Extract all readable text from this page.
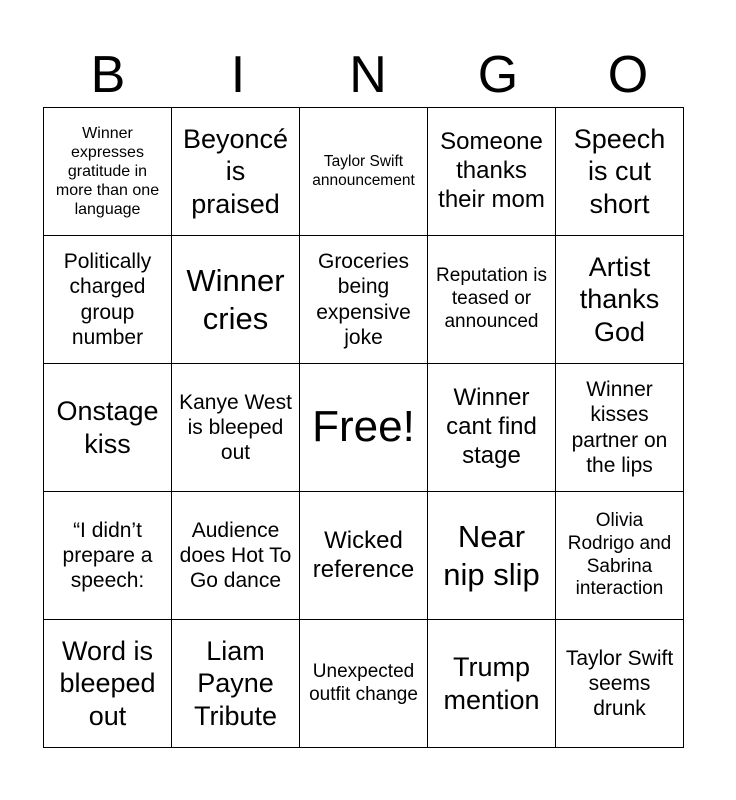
B	I	N	G	O
Winner expresses gratitude in more than one language	Beyoncé is praised	Taylor Swift announcement	Someone thanks their mom	Speech is cut short
Politically charged group number	Winner cries	Groceries being expensive joke	Reputation is teased or announced	Artist thanks God
Onstage kiss	Kanye West is bleeped out	Free!	Winner cant find stage	Winner kisses partner on the lips
“I didn’t prepare a speech:	Audience does Hot To Go dance	Wicked reference	Near nip slip	Olivia Rodrigo and Sabrina interaction
Word is bleeped out	Liam Payne Tribute	Unexpected outfit change	Trump mention	Taylor Swift seems drunk
